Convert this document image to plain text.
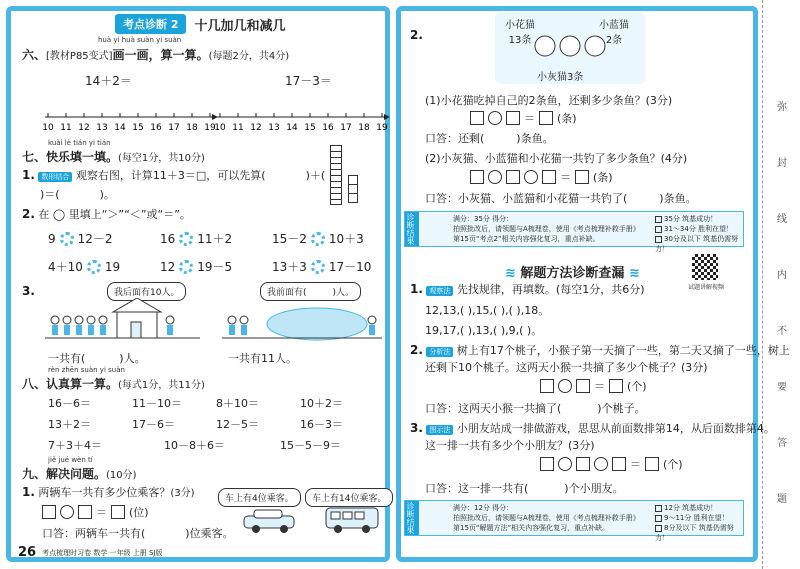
考点诊断 2	十几加几和减几
huà yi huà suàn yi suàn
六、[教材P85变式]画一画，算一算。(每题2分，共4分)
14＋2＝	17－3＝
10 11 12 13 14 15 16 17 18 19
10 11 12 13 14 15 16 17 18 19
kuài lè tián yi tián
七、快乐填一填。(每空1分，共10分)
1. 数形结合 观察右图，计算11＋3＝□，可以先算(	)＋(
)＝(	)。
2. 在 ◯ 里填上“＞”“＜”或“＝”。
9 12－2	16 11＋2	15－2 10＋3
4＋10 19	12 19－5	13＋3 17－10
3.	我后面有10人。	我前面有(	)人。
一共有(	)人。	一共有11人。
rèn zhēn suàn yi suàn
八、认真算一算。(每式1分，共11分)
16－6＝	11－10＝	8＋10＝	10＋2＝
13＋2＝	17－6＝	12－5＝	16－3＝
7＋3＋4＝	10－8＋6＝	15－5－9＝
jiě jué wèn tí
九、解决问题。(10分)
1. 两辆车一共有多少位乘客？(3分)
＝ (位)
口答：两辆车一共有(	)位乘客。
车上有4位乘客。	车上有14位乘客。
26 考点梳理时习卷 数学 一年级 上册 SJ版
2.
小花猫
13条
小蓝猫
2条
小灰猫3条
(1)小花猫吃掉自己的2条鱼，还剩多少条鱼？(3分)
＝ (条)
口答：还剩(	)条鱼。
(2)小灰猫、小蓝猫和小花猫一共钓了多少条鱼？(4分)
＝ (条)
口答：小灰猫、小蓝猫和小花猫一共钓了(	)条鱼。
诊断结果	满分：35分 得分：
拍照批改后，请领题与A梳理卷，使用《考点梳理补救手册》
第15页“考点2”相关内容强化复习，重点补缺。
35分 筑基成功！
31～34分 胜利在望！
30分及以下 筑基仍需努力！
≋ 解题方法诊断查漏 ≋
试题讲解视频
1. 观察法 先找规律，再填数。(每空1分，共6分)
12,13,( ),15,( ),( ),18。
19,17,( ),13,( ),9,( )。
2. 分析法 树上有17个桃子，小猴子第一天摘了一些，第二天又摘了一些，树上
还剩下10个桃子。这两天小猴一共摘了多少个桃子？(3分)
＝ (个)
口答：这两天小猴一共摘了(	)个桃子。
3. 图示法 小朋友站成一排做游戏，思思从前面数排第14，从后面数排第4。
这一排一共有多少个小朋友？(3分)
＝ (个)
口答：这一排一共有(	)个小朋友。
诊断结果	满分：12分 得分：
拍照批改后，请领题与A梳理卷，使用《考点梳理补救手册》
第15页“解题方法”相关内容强化复习，重点补缺。
12分 筑基成功！
9～11分 胜利在望！
8分及以下 筑基仍需努力！
弥
封
线
内
不
要
答
题
